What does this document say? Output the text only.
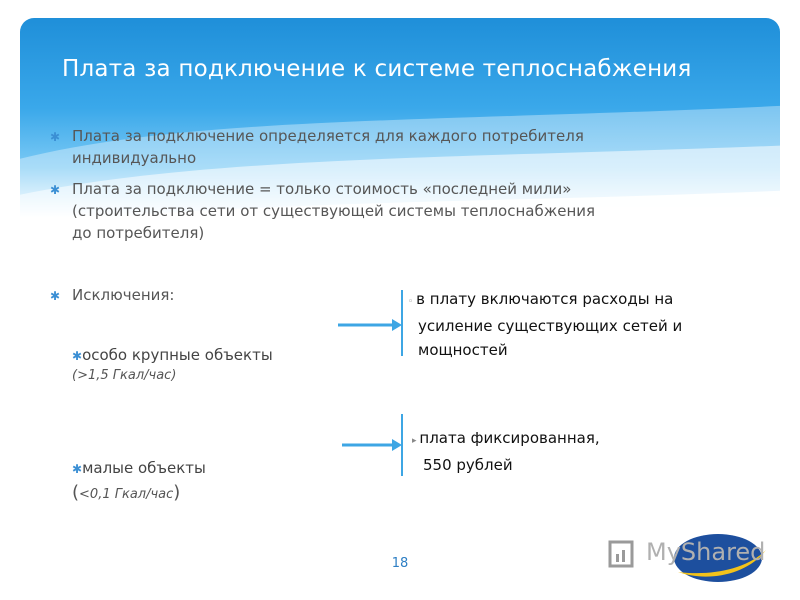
Плата за подключение к системе теплоснабжения
✱ Плата за подключение определяется для каждого потребителя
индивидуально
✱ Плата за подключение = только стоимость «последней мили»
(строительства сети от существующей системы теплоснабжения
до потребителя)
✱ Исключения:
✱особо крупные объекты
(>1,5 Гкал/час)
✱малые объекты
(<0,1 Гкал/час)
◦ в плату включаются расходы на
усиление существующих сетей и
мощностей
▸ плата фиксированная,
550 рублей
18	MyShared
